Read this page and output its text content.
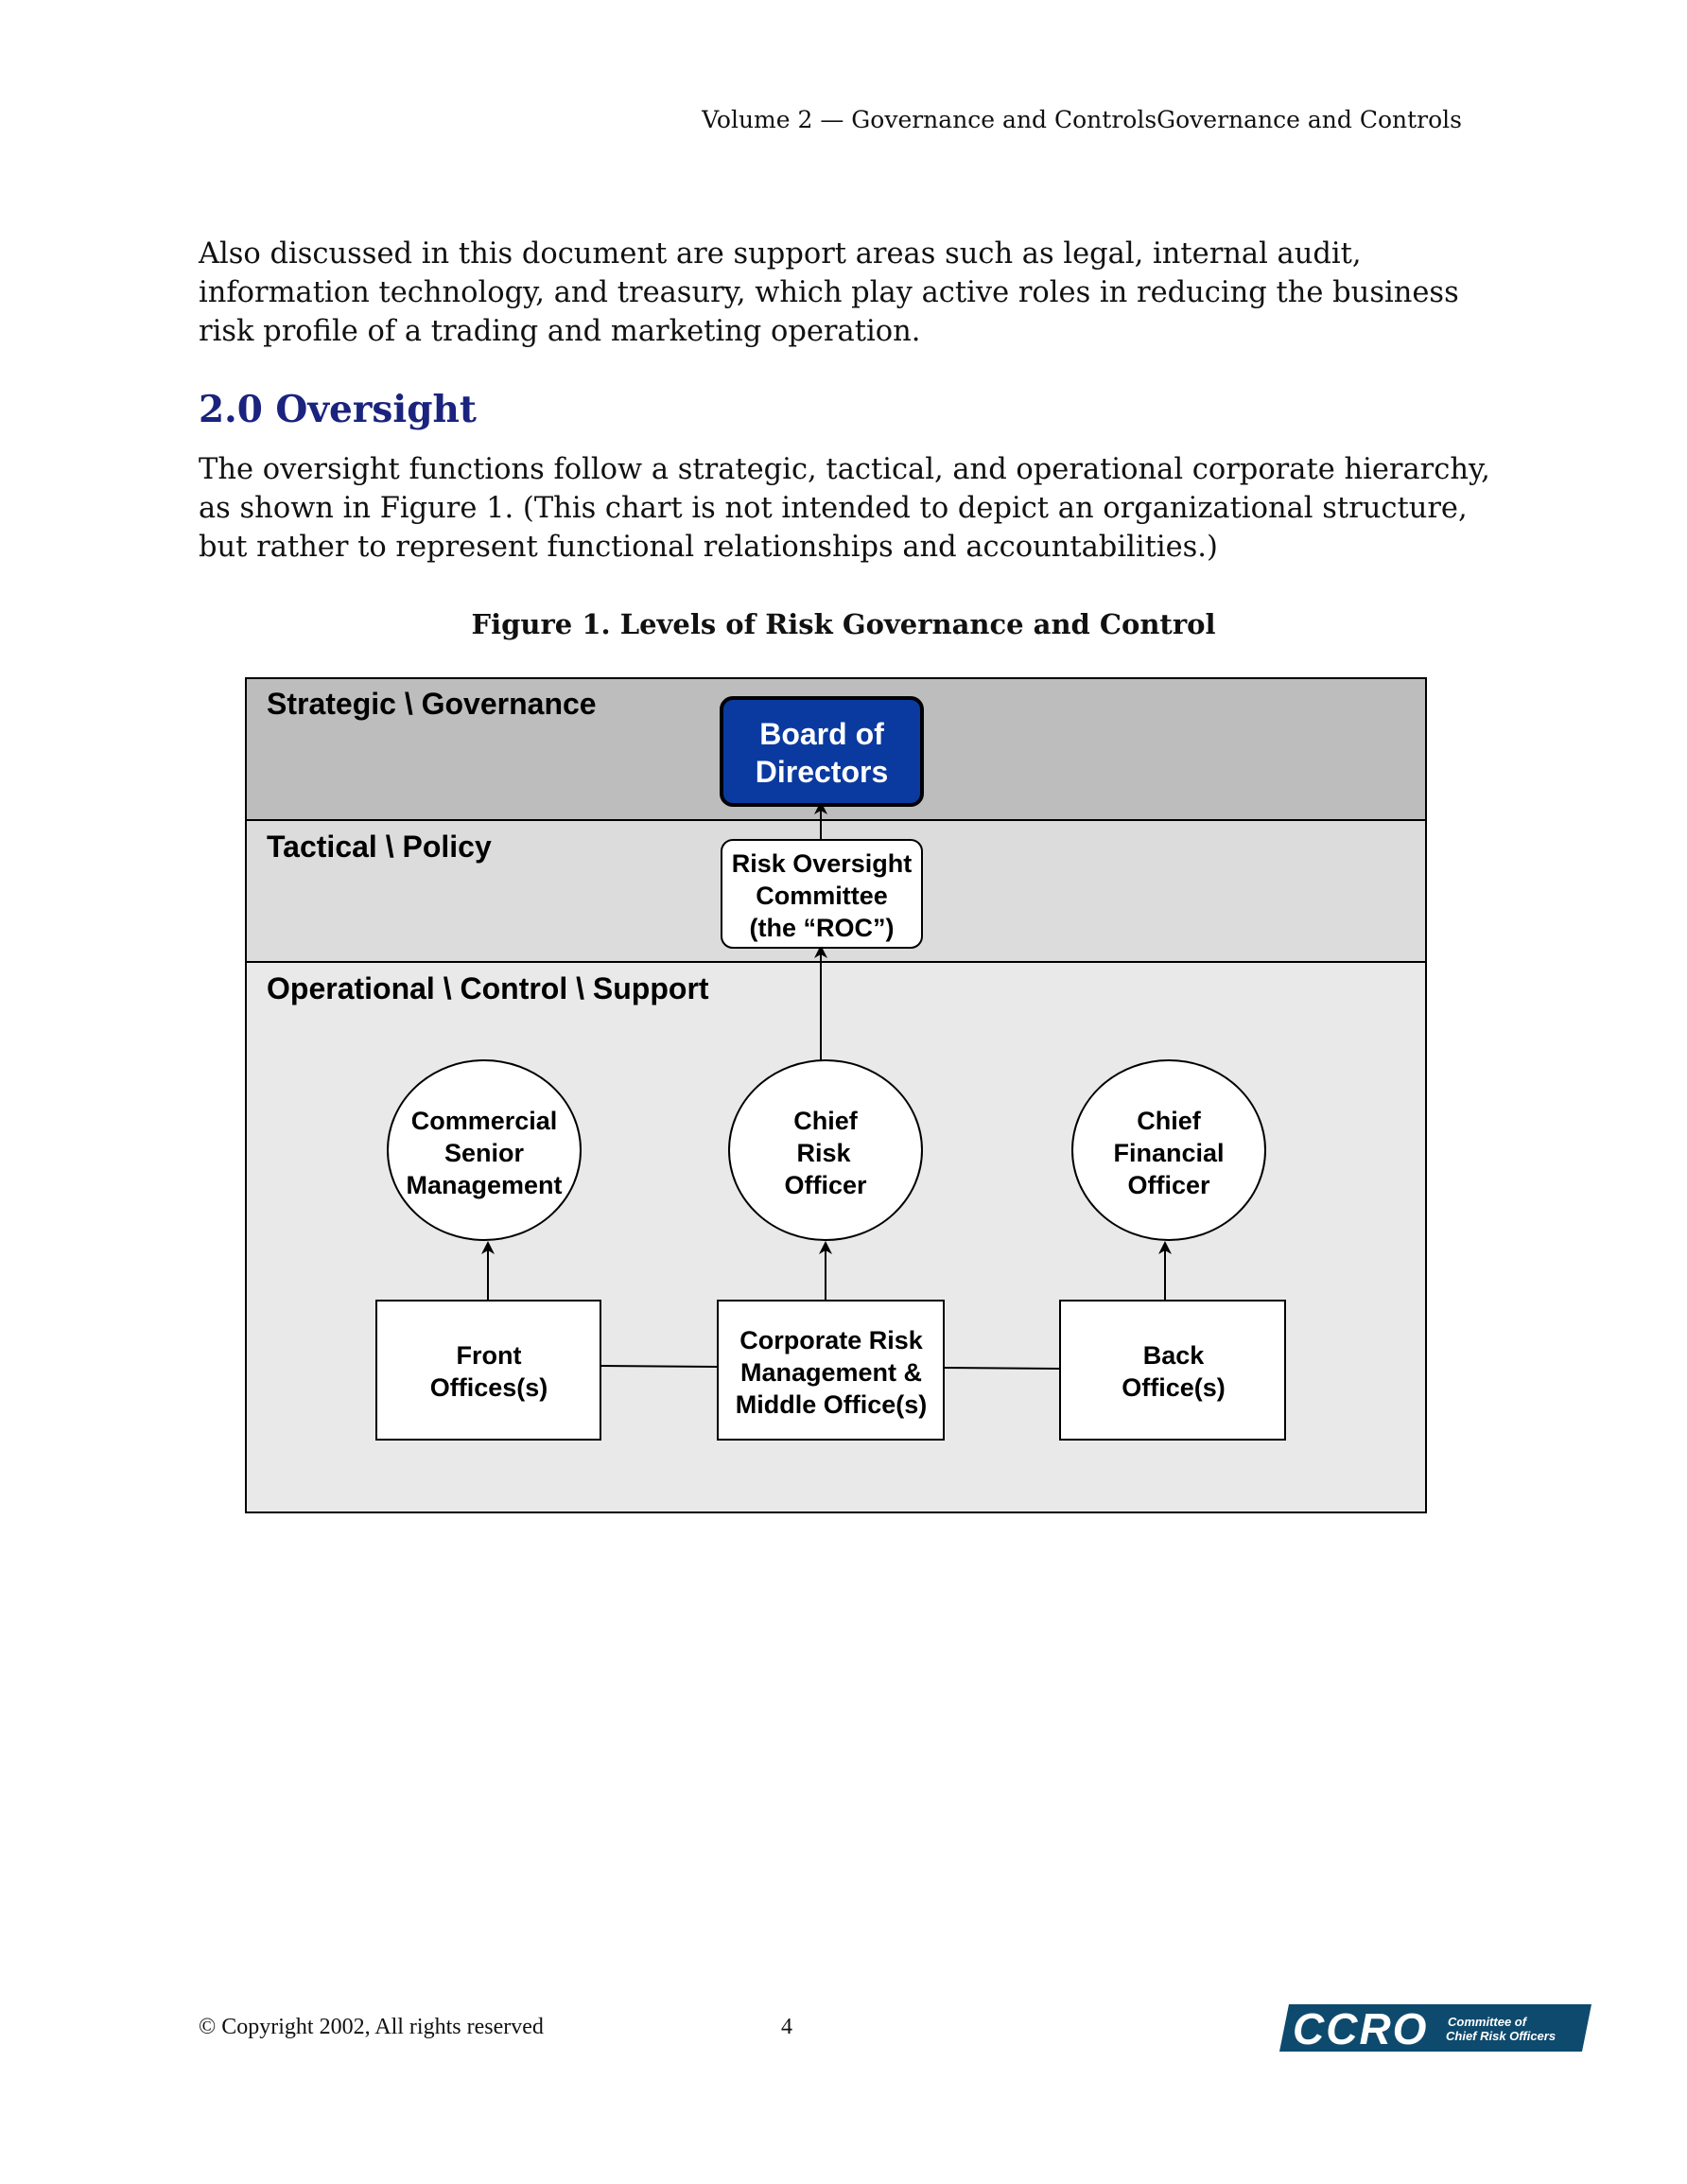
Volume 2 — Governance and ControlsGovernance and Controls
Also discussed in this document are support areas such as legal, internal audit, information technology, and treasury, which play active roles in reducing the business risk profile of a trading and marketing operation.
2.0 Oversight
The oversight functions follow a strategic, tactical, and operational corporate hierarchy, as shown in Figure 1. (This chart is not intended to depict an organizational structure, but rather to represent functional relationships and accountabilities.)
Figure 1. Levels of Risk Governance and Control
Strategic \ Governance
Tactical \ Policy
Operational \ Control \ Support
Board of
Directors
Risk Oversight
Committee
(the “ROC”)
Commercial
Senior
Management
Chief
Risk
Officer
Chief
Financial
Officer
Front
Offices(s)
Corporate Risk
Management &
Middle Office(s)
Back
Office(s)
© Copyright 2002, All rights reserved	4	CCRO Committee of
Chief Risk Officers
